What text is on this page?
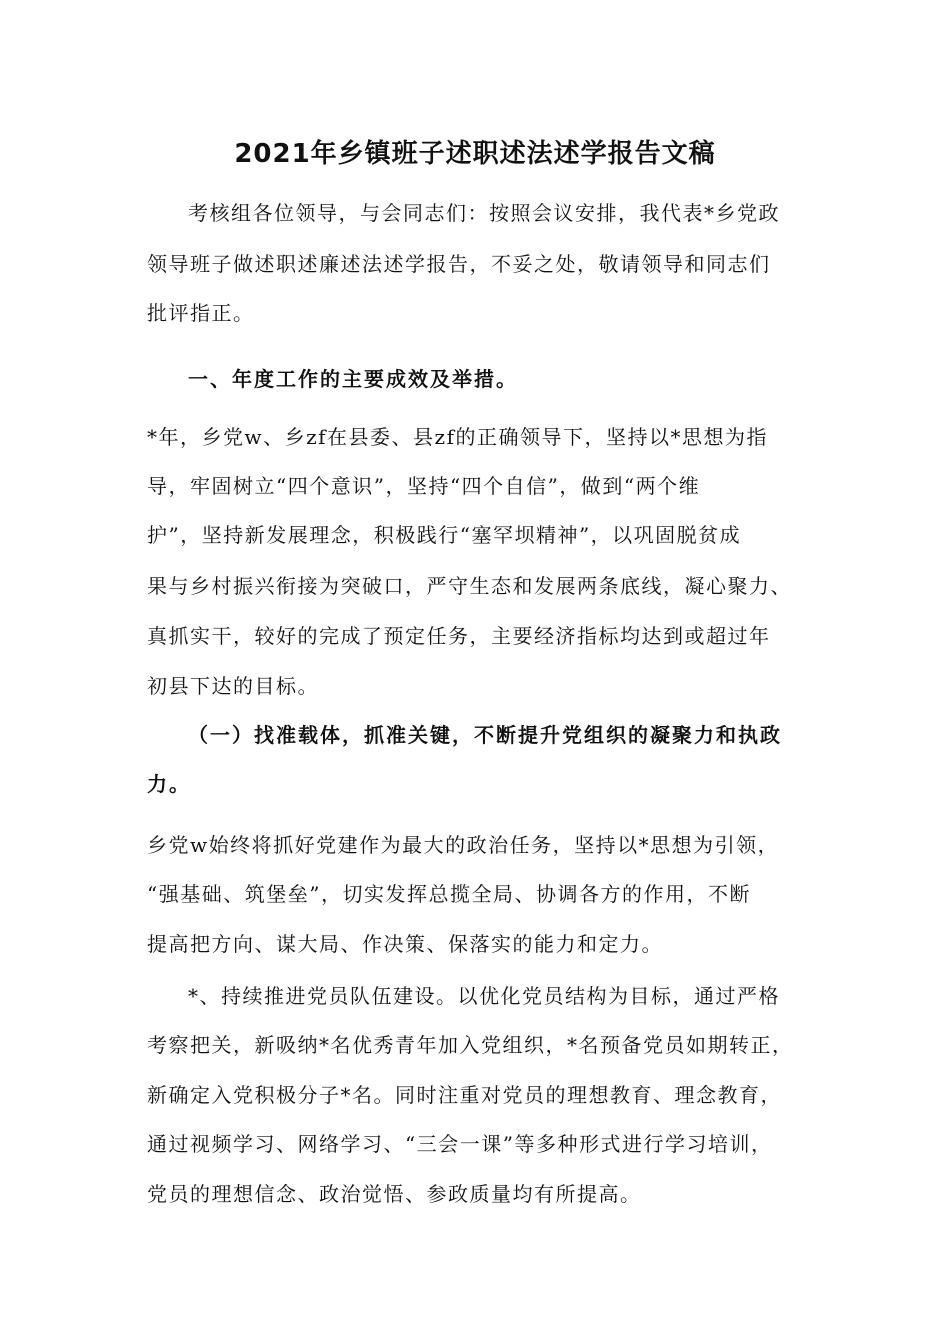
2021年乡镇班子述职述法述学报告文稿
考核组各位领导，与会同志们：按照会议安排，我代表*乡党政
领导班子做述职述廉述法述学报告，不妥之处，敬请领导和同志们
批评指正。
一、年度工作的主要成效及举措。
*年，乡党w、乡zf在县委、县zf的正确领导下，坚持以*思想为指
导，牢固树立“四个意识”，坚持“四个自信”，做到“两个维
护”，坚持新发展理念，积极践行“塞罕坝精神”，以巩固脱贫成
果与乡村振兴衔接为突破口，严守生态和发展两条底线，凝心聚力、
真抓实干，较好的完成了预定任务，主要经济指标均达到或超过年
初县下达的目标。
（一）找准载体，抓准关键，不断提升党组织的凝聚力和执政
力。
乡党w始终将抓好党建作为最大的政治任务，坚持以*思想为引领，
“强基础、筑堡垒”，切实发挥总揽全局、协调各方的作用，不断
提高把方向、谋大局、作决策、保落实的能力和定力。
*、持续推进党员队伍建设。以优化党员结构为目标，通过严格
考察把关，新吸纳*名优秀青年加入党组织，*名预备党员如期转正，
新确定入党积极分子*名。同时注重对党员的理想教育、理念教育，
通过视频学习、网络学习、“三会一课”等多种形式进行学习培训，
党员的理想信念、政治觉悟、参政质量均有所提高。
